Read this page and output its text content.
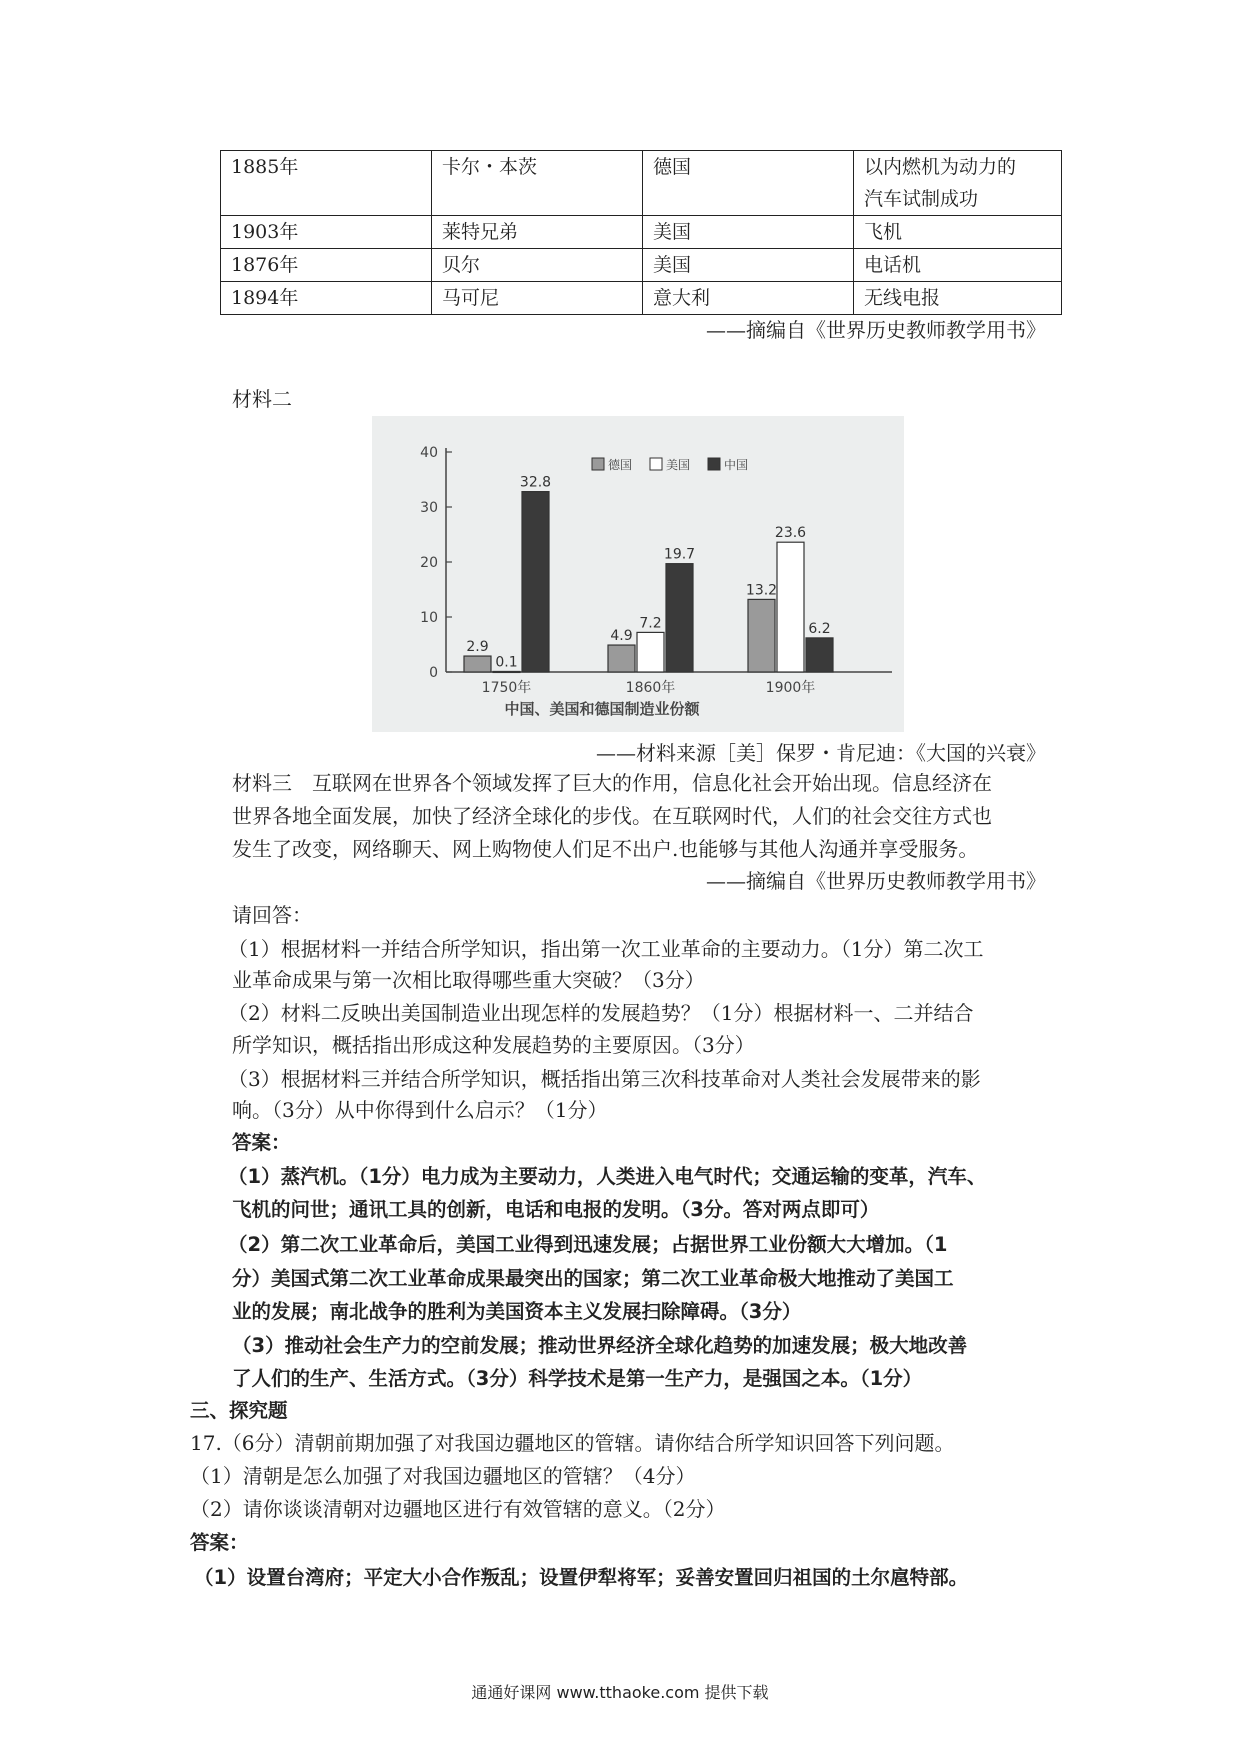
1885年	卡尔・本茨	德国	以内燃机为动力的
汽车试制成功

1903年	莱特兄弟	美国	飞机
1876年	贝尔	美国	电话机
1894年	马可尼	意大利	无线电报
——摘编自《世界历史教师教学用书》
材料二
0
10
20
30
40
2.9
0.1
32.8
1750年
4.9
7.2
19.7
1860年
13.2
23.6
6.2
1900年
德国	美国	中国
中国、美国和德国制造业份额
——材料来源［美］保罗・肯尼迪：《大国的兴衰》
材料三　互联网在世界各个领域发挥了巨大的作用，信息化社会开始出现。信息经济在
世界各地全面发展，加快了经济全球化的步伐。在互联网时代，人们的社会交往方式也
发生了改变，网络聊天、网上购物使人们足不出户.也能够与其他人沟通并享受服务。
——摘编自《世界历史教师教学用书》
请回答：
（1）根据材料一并结合所学知识，指出第一次工业革命的主要动力。（1分）第二次工
业革命成果与第一次相比取得哪些重大突破？（3分）
（2）材料二反映出美国制造业出现怎样的发展趋势？（1分）根据材料一、二并结合
所学知识，概括指出形成这种发展趋势的主要原因。（3分）
（3）根据材料三并结合所学知识，概括指出第三次科技革命对人类社会发展带来的影
响。（3分）从中你得到什么启示？（1分）
答案：
（1）蒸汽机。（1分）电力成为主要动力，人类进入电气时代；交通运输的变革，汽车、
飞机的问世；通讯工具的创新，电话和电报的发明。（3分。答对两点即可）
（2）第二次工业革命后，美国工业得到迅速发展；占据世界工业份额大大增加。（1
分）美国式第二次工业革命成果最突出的国家；第二次工业革命极大地推动了美国工
业的发展；南北战争的胜利为美国资本主义发展扫除障碍。（3分）
（3）推动社会生产力的空前发展；推动世界经济全球化趋势的加速发展；极大地改善
了人们的生产、生活方式。（3分）科学技术是第一生产力，是强国之本。（1分）
三、探究题
17.（6分）清朝前期加强了对我国边疆地区的管辖。请你结合所学知识回答下列问题。
（1）清朝是怎么加强了对我国边疆地区的管辖？（4分）
（2）请你谈谈清朝对边疆地区进行有效管辖的意义。（2分）
答案：
（1）设置台湾府；平定大小合作叛乱；设置伊犁将军；妥善安置回归祖国的土尔扈特部。
通通好课网 www.tthaoke.com 提供下载
